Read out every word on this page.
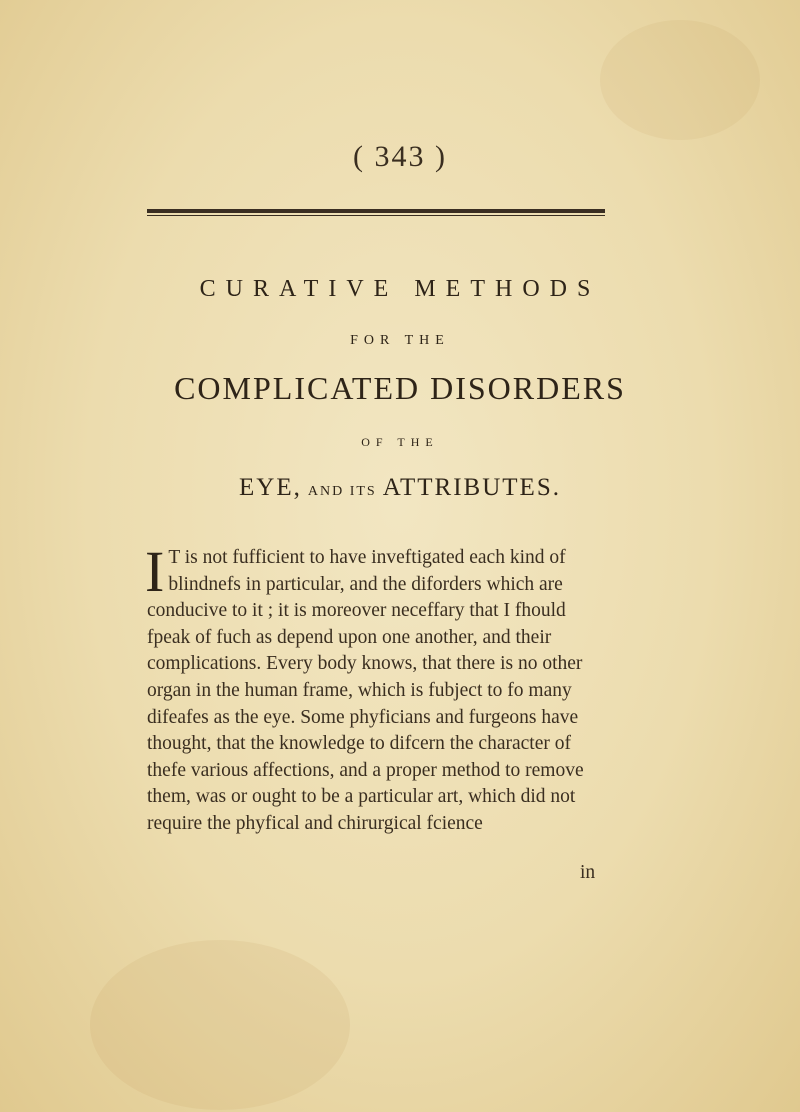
( 343 )
CURATIVE METHODS
FOR THE
COMPLICATED DISORDERS
OF THE
EYE, AND ITS ATTRIBUTES.
I T is not fufficient to have inveftigated each kind of blindnefs in particular, and the diforders which are conducive to it ; it is moreover neceffary that I fhould fpeak of fuch as depend upon one another, and their complications. Every body knows, that there is no other organ in the human frame, which is fubject to fo many difeafes as the eye. Some phyficians and furgeons have thought, that the knowledge to difcern the character of thefe various affections, and a proper method to remove them, was or ought to be a particular art, which did not require the phyfical and chirurgical fcience
in
